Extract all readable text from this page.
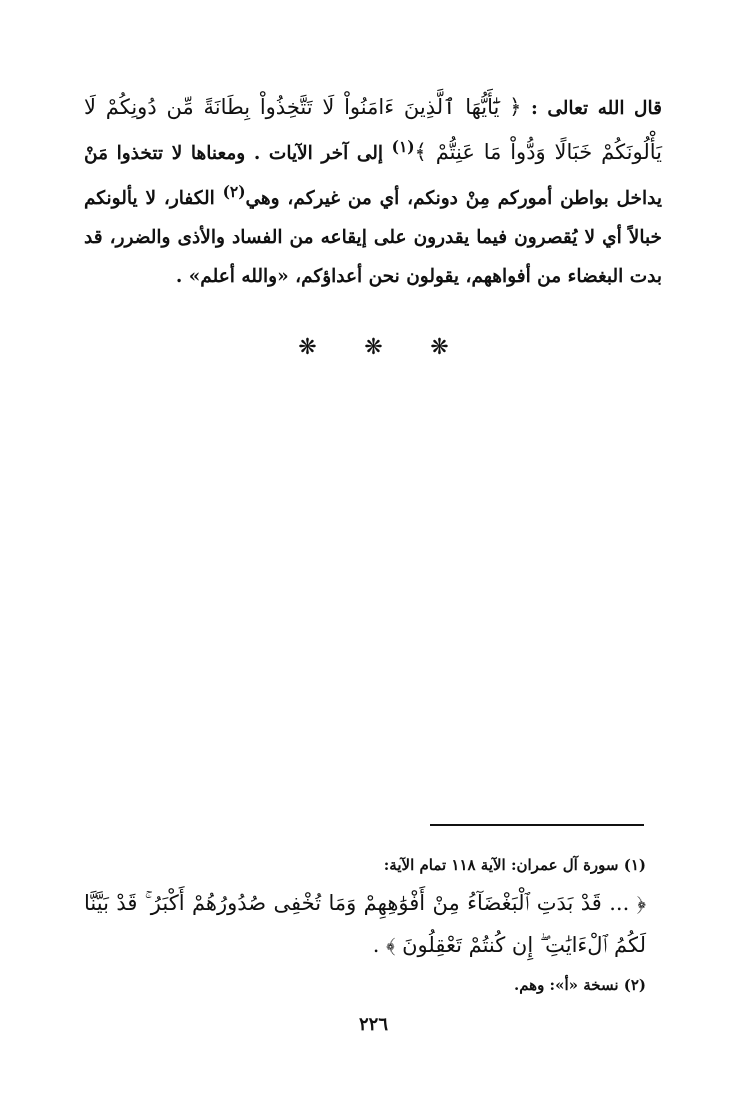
قال الله تعالى : ﴿ يَٰٓأَيُّهَا ٱلَّذِينَ ءَامَنُواْ لَا تَتَّخِذُواْ بِطَانَةً مِّن دُونِكُمْ لَا يَأْلُونَكُمْ خَبَالًا وَدُّواْ مَا عَنِتُّمْ ﴾$^{(١)}$ إلى آخر الآيات . ومعناها لا تتخذوا مَنْ يداخل بواطن أموركم مِنْ دونكم، أي من غيركم، وهي$^{(٢)}$ الكفار، لا يألونكم خبالاً أي لا يُقصرون فيما يقدرون على إيقاعه من الفساد والأذى والضرر، قد بدت البغضاء من أفواههم، يقولون نحن أعداؤكم، «والله أعلم» .

❋ ❋ ❋

(١) سورة آل عمران: الآية ١١٨ تمام الآية:

﴿ ... قَدْ بَدَتِ ٱلْبَغْضَآءُ مِنْ أَفْوَٰهِهِمْ وَمَا تُخْفِى صُدُورُهُمْ أَكْبَرُ ۚ قَدْ بَيَّنَّا لَكُمُ ٱلْءَايَٰتِ ۖ إِن كُنتُمْ تَعْقِلُونَ ﴾ .

(٢) نسخة «أ»: وهم.

٢٢٦
